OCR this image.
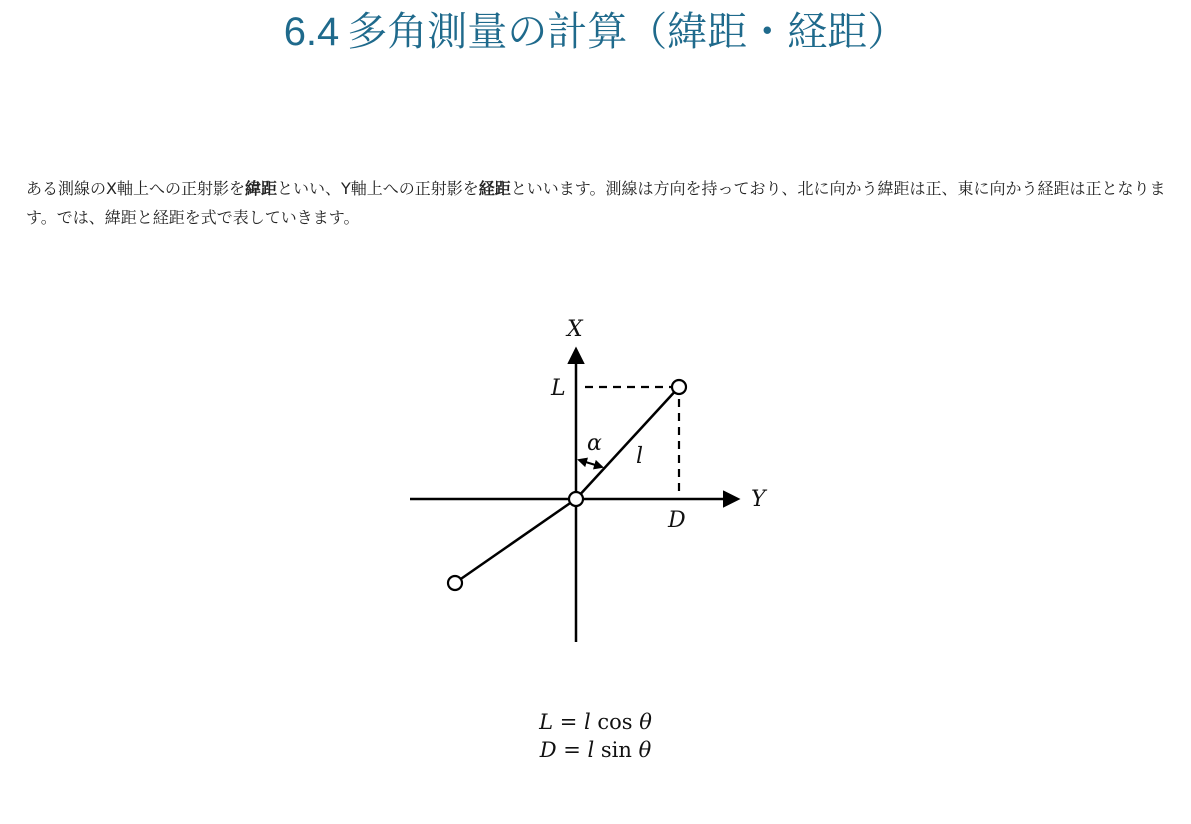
6.4 多角測量の計算（緯距・経距）

ある測線のX軸上への正射影を緯距といい、Y軸上への正射影を経距といいます。測線は方向を持っており、北に向かう緯距は正、東に向かう経距は正となります。では、緯距と経距を式で表していきます。

X
Y
L
D
α
l
L = l cos θ
D = l sin θ
